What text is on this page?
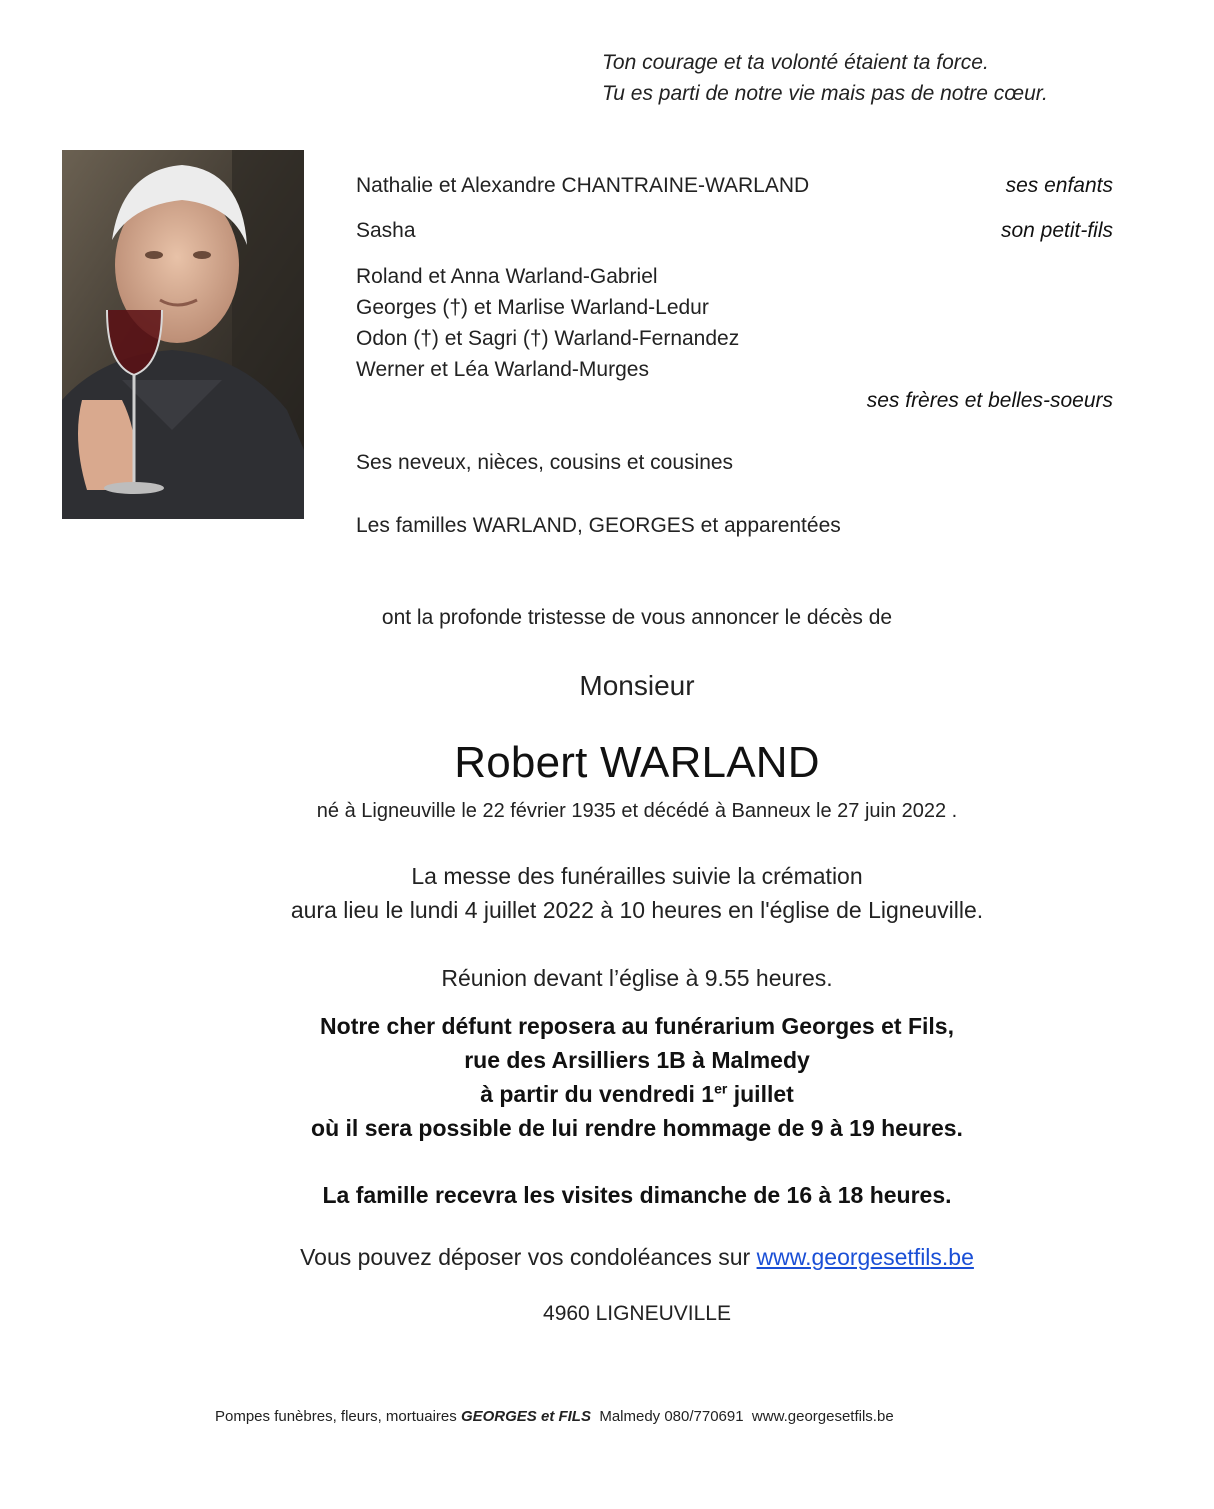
Ton courage et ta volonté étaient ta force.
Tu es parti de notre vie mais pas de notre cœur.
Nathalie et Alexandre CHANTRAINE-WARLAND	ses enfants
Sasha	son petit-fils
Roland et Anna Warland-Gabriel
Georges (†) et Marlise Warland-Ledur
Odon (†) et Sagri (†) Warland-Fernandez
Werner et Léa Warland-Murges
ses frères et belles-soeurs
Ses neveux, nièces, cousins et cousines
Les familles WARLAND, GEORGES et apparentées
ont la profonde tristesse de vous annoncer le décès de
Monsieur
Robert WARLAND
né à Ligneuville le 22 février 1935 et décédé à Banneux le 27 juin 2022 .
La messe des funérailles suivie la crémation
aura lieu le lundi 4 juillet 2022 à 10 heures en l'église de Ligneuville.
Réunion devant l’église à 9.55 heures.
Notre cher défunt reposera au funérarium Georges et Fils,
rue des Arsilliers 1B à Malmedy
à partir du vendredi 1er juillet
où il sera possible de lui rendre hommage de 9 à 19 heures.
La famille recevra les visites dimanche de 16 à 18 heures.
Vous pouvez déposer vos condoléances sur www.georgesetfils.be
4960 LIGNEUVILLE
Pompes funèbres, fleurs, mortuaires GEORGES et FILS  Malmedy 080/770691  www.georgesetfils.be
